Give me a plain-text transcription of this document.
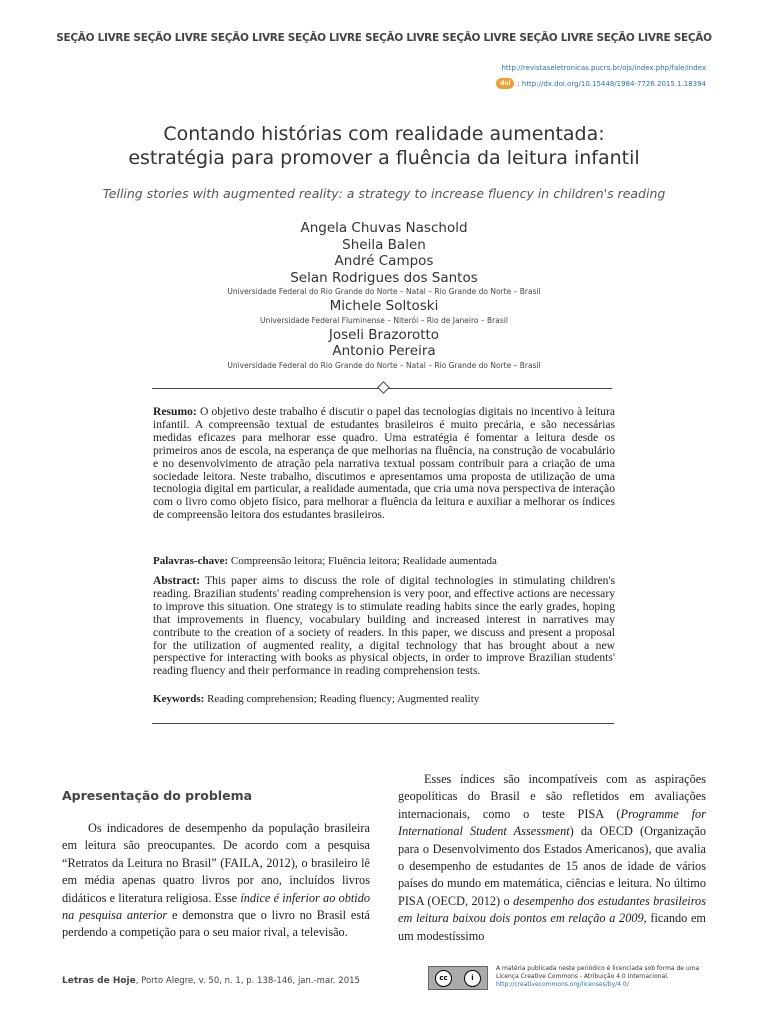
SEÇÃO LIVRE SEÇÃO LIVRE SEÇÃO LIVRE SEÇÃO LIVRE SEÇÃO LIVRE SEÇÃO LIVRE SEÇÃO LIVRE SEÇÃO LIVRE SEÇÃO
http://revistaseletronicas.pucrs.br/ojs/index.php/fale/index
doi : http://dx.doi.org/10.15448/1984-7726.2015.1.18394
Contando histórias com realidade aumentada:
estratégia para promover a fluência da leitura infantil
Telling stories with augmented reality: a strategy to increase fluency in children's reading
Angela Chuvas Naschold
Sheila Balen
André Campos
Selan Rodrigues dos Santos
Universidade Federal do Rio Grande do Norte – Natal – Rio Grande do Norte – Brasil
Michele Soltoski
Universidade Federal Fluminense – Niterói – Rio de Janeiro – Brasil
Joseli Brazorotto
Antonio Pereira
Universidade Federal do Rio Grande do Norte – Natal – Rio Grande do Norte – Brasil
Resumo: O objetivo deste trabalho é discutir o papel das tecnologias digitais no incentivo à leitura infantil. A compreensão textual de estudantes brasileiros é muito precária, e são necessárias medidas eficazes para melhorar esse quadro. Uma estratégia é fomentar a leitura desde os primeiros anos de escola, na esperança de que melhorias na fluência, na construção de vocabulário e no desenvolvimento de atração pela narrativa textual possam contribuir para a criação de uma sociedade leitora. Neste trabalho, discutimos e apresentamos uma proposta de utilização de uma tecnologia digital em particular, a realidade aumentada, que cria uma nova perspectiva de interação com o livro como objeto físico, para melhorar a fluência da leitura e auxiliar a melhorar os índices de compreensão leitora dos estudantes brasileiros.
Palavras-chave: Compreensão leitora; Fluência leitora; Realidade aumentada
Abstract: This paper aims to discuss the role of digital technologies in stimulating children's reading. Brazilian students' reading comprehension is very poor, and effective actions are necessary to improve this situation. One strategy is to stimulate reading habits since the early grades, hoping that improvements in fluency, vocabulary building and increased interest in narratives may contribute to the creation of a society of readers. In this paper, we discuss and present a proposal for the utilization of augmented reality, a digital technology that has brought about a new perspective for interacting with books as physical objects, in order to improve Brazilian students' reading fluency and their performance in reading comprehension tests.
Keywords: Reading comprehension; Reading fluency; Augmented reality
Apresentação do problema

Os indicadores de desempenho da população brasileira em leitura são preocupantes. De acordo com a pesquisa “Retratos da Leitura no Brasil” (FAILA, 2012), o brasileiro lê em média apenas quatro livros por ano, incluídos livros didáticos e literatura religiosa. Esse índice é inferior ao obtido na pesquisa anterior e demonstra que o livro no Brasil está perdendo a competição para o seu maior rival, a televisão.

Esses índices são incompatíveis com as aspirações geopolíticas do Brasil e são refletidos em avaliações internacionais, como o teste PISA (Programme for International Student Assessment) da OECD (Organização para o Desenvolvimento dos Estados Americanos), que avalia o desempenho de estudantes de 15 anos de idade de vários países do mundo em matemática, ciências e leitura. No último PISA (OECD, 2012) o desempenho dos estudantes brasileiros em leitura baixou dois pontos em relação a 2009, ficando em um modestíssimo

Letras de Hoje, Porto Alegre, v. 50, n. 1, p. 138-146, jan.-mar. 2015	cc	i
A matéria publicada neste periódico é licenciada sob forma de uma Licença Creative Commons - Atribuição 4.0 Internacional.
http://creativecommons.org/licenses/by/4.0/
